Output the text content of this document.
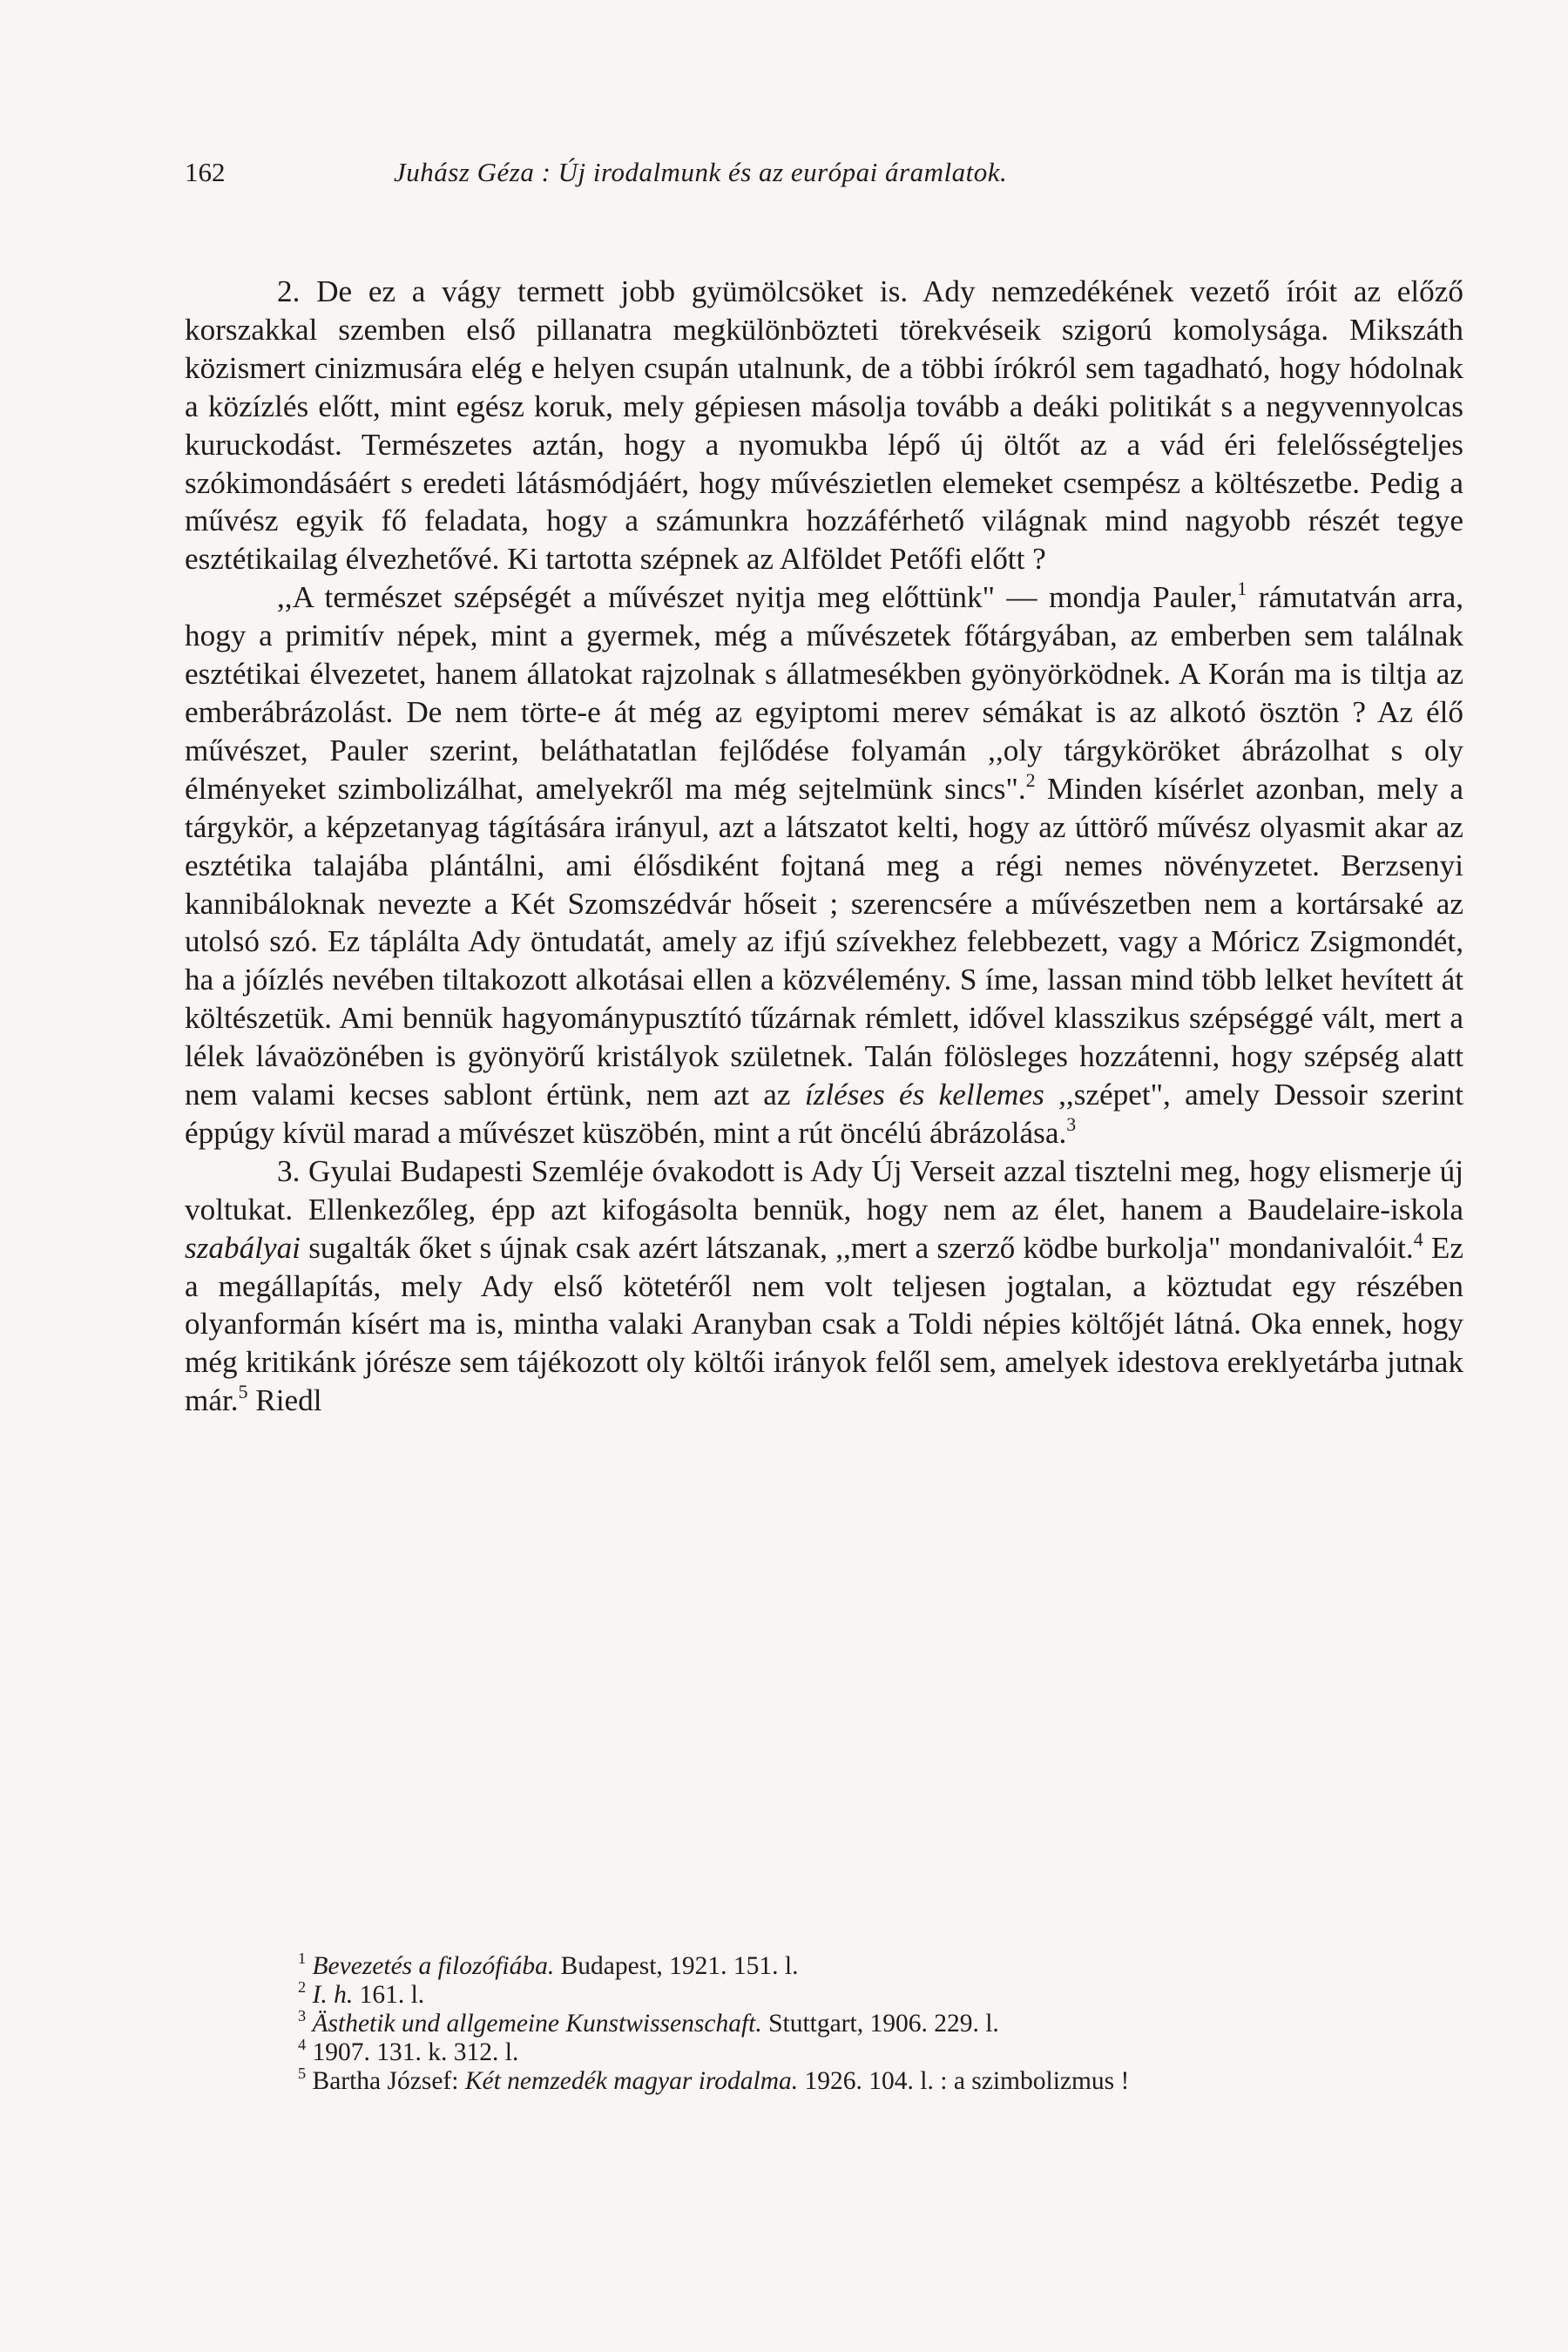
162	Juhász Géza : Új irodalmunk és az európai áramlatok.

2. De ez a vágy termett jobb gyümölcsöket is. Ady nemzedékének vezető íróit az előző korszakkal szemben első pillanatra megkülönbözteti törekvéseik szigorú komolysága. Mikszáth közismert cinizmusára elég e helyen csupán utalnunk, de a többi írókról sem tagadható, hogy hódolnak a közízlés előtt, mint egész koruk, mely gépiesen másolja tovább a deáki politikát s a negyvennyolcas kuruckodást. Természetes aztán, hogy a nyomukba lépő új öltőt az a vád éri felelősségteljes szókimondásáért s eredeti látásmódjáért, hogy művészietlen elemeket csempész a költészetbe. Pedig a művész egyik fő feladata, hogy a számunkra hozzáférhető világnak mind nagyobb részét tegye esztétikailag élvezhetővé. Ki tartotta szépnek az Alföldet Petőfi előtt ?

,,A természet szépségét a művészet nyitja meg előttünk" — mondja Pauler,$^1$ rámutatván arra, hogy a primitív népek, mint a gyermek, még a művészetek főtárgyában, az emberben sem találnak esztétikai élvezetet, hanem állatokat rajzolnak s állatmesékben gyönyörködnek. A Korán ma is tiltja az emberábrázolást. De nem törte-e át még az egyiptomi merev sémákat is az alkotó ösztön ? Az élő művészet, Pauler szerint, beláthatatlan fejlődése folyamán ,,oly tárgyköröket ábrázolhat s oly élményeket szimbolizálhat, amelyekről ma még sejtelmünk sincs".$^2$ Minden kísérlet azonban, mely a tárgykör, a képzetanyag tágítására irányul, azt a látszatot kelti, hogy az úttörő művész olyasmit akar az esztétika talajába plántálni, ami élősdiként fojtaná meg a régi nemes növényzetet. Berzsenyi kannibáloknak nevezte a Két Szomszédvár hőseit ; szerencsére a művészetben nem a kortársaké az utolsó szó. Ez táplálta Ady öntudatát, amely az ifjú szívekhez felebbezett, vagy a Móricz Zsigmondét, ha a jóízlés nevében tiltakozott alkotásai ellen a közvélemény. S íme, lassan mind több lelket hevített át költészetük. Ami bennük hagyománypusztító tűzárnak rémlett, idővel klasszikus szépséggé vált, mert a lélek lávaözönében is gyönyörű kristályok születnek. Talán fölösleges hozzátenni, hogy szépség alatt nem valami kecses sablont értünk, nem azt az ízléses és kellemes ,,szépet", amely Dessoir szerint éppúgy kívül marad a művészet küszöbén, mint a rút öncélú ábrázolása.$^3$

3. Gyulai Budapesti Szemléje óvakodott is Ady Új Verseit azzal tisztelni meg, hogy elismerje új voltukat. Ellenkezőleg, épp azt kifogásolta bennük, hogy nem az élet, hanem a Baudelaire-iskola szabályai sugalták őket s újnak csak azért látszanak, ,,mert a szerző ködbe burkolja" mondanivalóit.$^4$ Ez a megállapítás, mely Ady első kötetéről nem volt teljesen jogtalan, a köztudat egy részében olyanformán kísért ma is, mintha valaki Aranyban csak a Toldi népies költőjét látná. Oka ennek, hogy még kritikánk jórésze sem tájékozott oly költői irányok felől sem, amelyek idestova ereklyetárba jutnak már.$^5$ Riedl

$^1$ Bevezetés a filozófiába. Budapest, 1921. 151. l.

$^2$ I. h. 161. l.

$^3$ Ästhetik und allgemeine Kunstwissenschaft. Stuttgart, 1906. 229. l.

$^4$ 1907. 131. k. 312. l.

$^5$ Bartha József: Két nemzedék magyar irodalma. 1926. 104. l. : a szimbolizmus !
